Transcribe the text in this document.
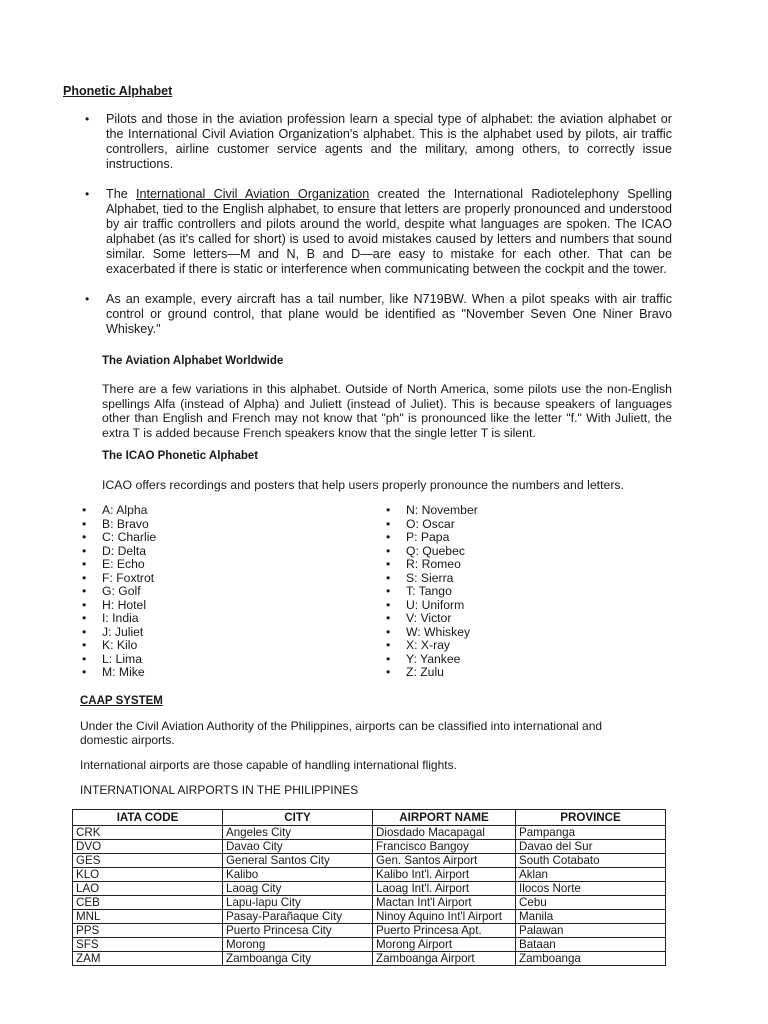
Phonetic Alphabet
• Pilots and those in the aviation profession learn a special type of alphabet: the aviation alphabet or the International Civil Aviation Organization's alphabet. This is the alphabet used by pilots, air traffic controllers, airline customer service agents and the military, among others, to correctly issue instructions.
• The International Civil Aviation Organization created the International Radiotelephony Spelling Alphabet, tied to the English alphabet, to ensure that letters are properly pronounced and understood by air traffic controllers and pilots around the world, despite what languages are spoken. The ICAO alphabet (as it's called for short) is used to avoid mistakes caused by letters and numbers that sound similar. Some letters—M and N, B and D—are easy to mistake for each other. That can be exacerbated if there is static or interference when communicating between the cockpit and the tower.
• As an example, every aircraft has a tail number, like N719BW. When a pilot speaks with air traffic control or ground control, that plane would be identified as "November Seven One Niner Bravo Whiskey."
The Aviation Alphabet Worldwide
There are a few variations in this alphabet. Outside of North America, some pilots use the non-English spellings Alfa (instead of Alpha) and Juliett (instead of Juliet). This is because speakers of languages other than English and French may not know that "ph" is pronounced like the letter "f." With Juliett, the extra T is added because French speakers know that the single letter T is silent.
The ICAO Phonetic Alphabet
ICAO offers recordings and posters that help users properly pronounce the numbers and letters.
• A: Alpha
• B: Bravo
• C: Charlie
• D: Delta
• E: Echo
• F: Foxtrot
• G: Golf
• H: Hotel
• I: India
• J: Juliet
• K: Kilo
• L: Lima
• M: Mike
• N: November
• O: Oscar
• P: Papa
• Q: Quebec
• R: Romeo
• S: Sierra
• T: Tango
• U: Uniform
• V: Victor
• W: Whiskey
• X: X-ray
• Y: Yankee
• Z: Zulu
CAAP SYSTEM
Under the Civil Aviation Authority of the Philippines, airports can be classified into international and domestic airports.
International airports are those capable of handling international flights.
INTERNATIONAL AIRPORTS IN THE PHILIPPINES
IATA CODE	CITY	AIRPORT NAME	PROVINCE
CRK	Angeles City	Diosdado Macapagal	Pampanga
DVO	Davao City	Francisco Bangoy	Davao del Sur
GES	General Santos City	Gen. Santos Airport	South Cotabato
KLO	Kalibo	Kalibo Int'l. Airport	Aklan
LAO	Laoag City	Laoag Int'l. Airport	Ilocos Norte
CEB	Lapu-lapu City	Mactan Int'l Airport	Cebu
MNL	Pasay-Parañaque City	Ninoy Aquino Int'l Airport	Manila
PPS	Puerto Princesa City	Puerto Princesa Apt.	Palawan
SFS	Morong	Morong Airport	Bataan
ZAM	Zamboanga City	Zamboanga Airport	Zamboanga
